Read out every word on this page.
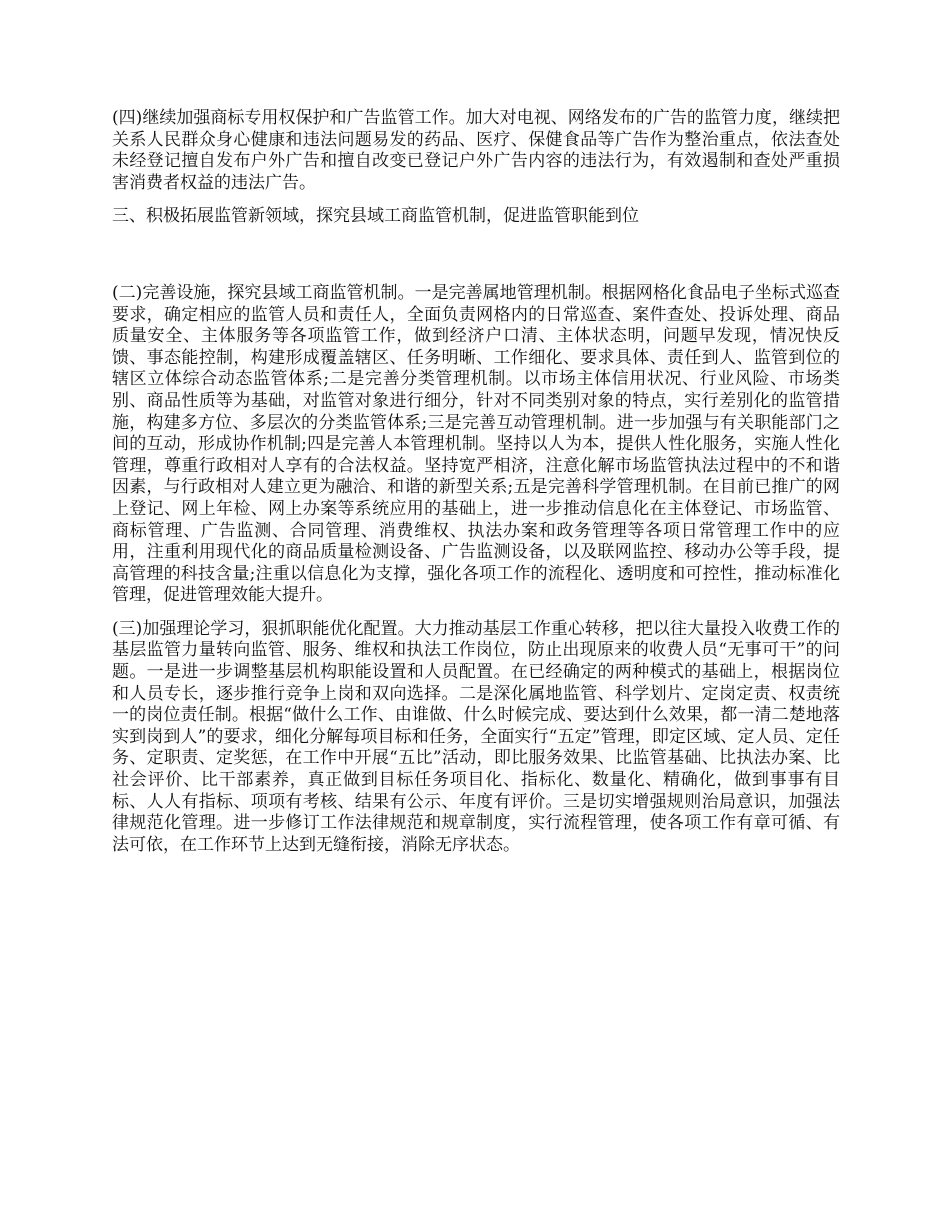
(四)继续加强商标专用权保护和广告监管工作。加大对电视、网络发布的广告的监管力度，继续把关系人民群众身心健康和违法问题易发的药品、医疗、保健食品等广告作为整治重点，依法查处未经登记擅自发布户外广告和擅自改变已登记户外广告内容的违法行为，有效遏制和查处严重损害消费者权益的违法广告。

三、积极拓展监管新领域，探究县域工商监管机制，促进监管职能到位

(二)完善设施，探究县域工商监管机制。一是完善属地管理机制。根据网格化食品电子坐标式巡查要求，确定相应的监管人员和责任人，全面负责网格内的日常巡查、案件查处、投诉处理、商品质量安全、主体服务等各项监管工作，做到经济户口清、主体状态明，问题早发现，情况快反馈、事态能控制，构建形成覆盖辖区、任务明晰、工作细化、要求具体、责任到人、监管到位的辖区立体综合动态监管体系;二是完善分类管理机制。以市场主体信用状况、行业风险、市场类别、商品性质等为基础，对监管对象进行细分，针对不同类别对象的特点，实行差别化的监管措施，构建多方位、多层次的分类监管体系;三是完善互动管理机制。进一步加强与有关职能部门之间的互动，形成协作机制;四是完善人本管理机制。坚持以人为本，提供人性化服务，实施人性化管理，尊重行政相对人享有的合法权益。坚持宽严相济，注意化解市场监管执法过程中的不和谐因素，与行政相对人建立更为融洽、和谐的新型关系;五是完善科学管理机制。在目前已推广的网上登记、网上年检、网上办案等系统应用的基础上，进一步推动信息化在主体登记、市场监管、商标管理、广告监测、合同管理、消费维权、执法办案和政务管理等各项日常管理工作中的应用，注重利用现代化的商品质量检测设备、广告监测设备，以及联网监控、移动办公等手段，提高管理的科技含量;注重以信息化为支撑，强化各项工作的流程化、透明度和可控性，推动标准化管理，促进管理效能大提升。

(三)加强理论学习，狠抓职能优化配置。大力推动基层工作重心转移，把以往大量投入收费工作的基层监管力量转向监管、服务、维权和执法工作岗位，防止出现原来的收费人员“无事可干”的问题。一是进一步调整基层机构职能设置和人员配置。在已经确定的两种模式的基础上，根据岗位和人员专长，逐步推行竞争上岗和双向选择。二是深化属地监管、科学划片、定岗定责、权责统一的岗位责任制。根据“做什么工作、由谁做、什么时候完成、要达到什么效果，都一清二楚地落实到岗到人”的要求，细化分解每项目标和任务，全面实行“五定”管理，即定区域、定人员、定任务、定职责、定奖惩，在工作中开展“五比”活动，即比服务效果、比监管基础、比执法办案、比社会评价、比干部素养，真正做到目标任务项目化、指标化、数量化、精确化，做到事事有目标、人人有指标、项项有考核、结果有公示、年度有评价。三是切实增强规则治局意识，加强法律规范化管理。进一步修订工作法律规范和规章制度，实行流程管理，使各项工作有章可循、有法可依，在工作环节上达到无缝衔接，消除无序状态。
